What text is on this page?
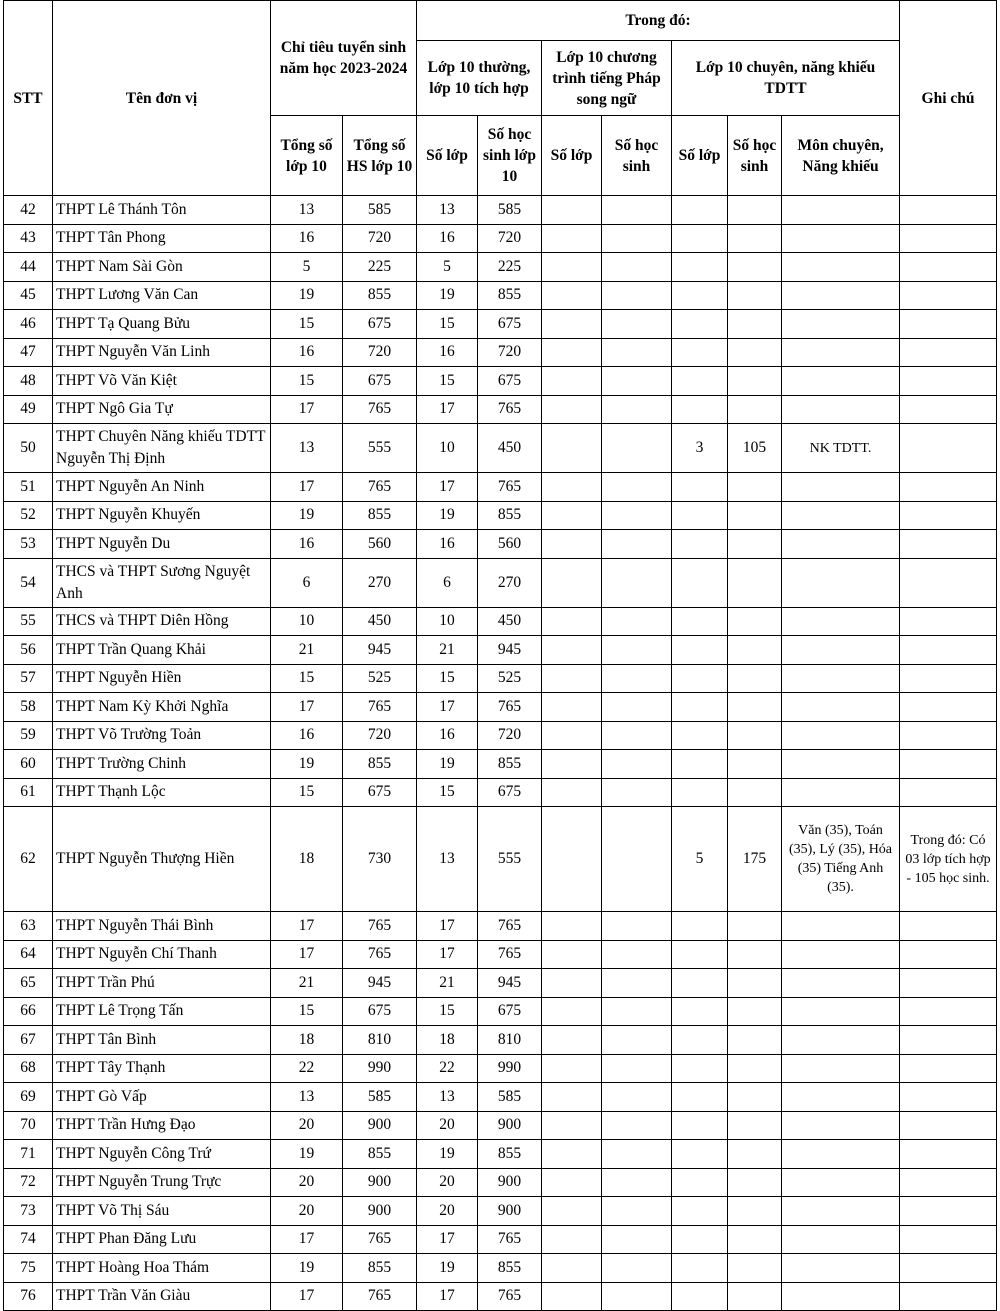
STT	Tên đơn vị	Chỉ tiêu tuyển sinh năm học 2023-2024		Trong đó:							Ghi chú
				Lớp 10 thường, lớp 10 tích hợp		Lớp 10 chương trình tiếng Pháp song ngữ		Lớp 10 chuyên, năng khiếu TDTT			
		Tổng số lớp 10	Tổng số HS lớp 10	Số lớp	Số học sinh lớp 10	Số lớp	Số học sinh	Số lớp	Số học sinh	Môn chuyên, Năng khiếu	
42	THPT Lê Thánh Tôn	13	585	13	585						
43	THPT Tân Phong	16	720	16	720						
44	THPT Nam Sài Gòn	5	225	5	225						
45	THPT Lương Văn Can	19	855	19	855						
46	THPT Tạ Quang Bửu	15	675	15	675						
47	THPT Nguyễn Văn Linh	16	720	16	720						
48	THPT Võ Văn Kiệt	15	675	15	675						
49	THPT Ngô Gia Tự	17	765	17	765						
50	THPT Chuyên Năng khiếu TDTT Nguyễn Thị Định	13	555	10	450			3	105	NK TDTT.	
51	THPT Nguyễn An Ninh	17	765	17	765						
52	THPT Nguyễn Khuyến	19	855	19	855						
53	THPT Nguyễn Du	16	560	16	560						
54	THCS và THPT Sương Nguyệt Anh	6	270	6	270						
55	THCS và THPT Diên Hồng	10	450	10	450						
56	THPT Trần Quang Khải	21	945	21	945						
57	THPT Nguyễn Hiền	15	525	15	525						
58	THPT Nam Kỳ Khởi Nghĩa	17	765	17	765						
59	THPT Võ Trường Toản	16	720	16	720						
60	THPT Trường Chinh	19	855	19	855						
61	THPT Thạnh Lộc	15	675	15	675						
62	THPT Nguyễn Thượng Hiền	18	730	13	555			5	175	Văn (35), Toán (35), Lý (35), Hóa (35) Tiếng Anh (35).	Trong đó: Có 03 lớp tích hợp - 105 học sinh.
63	THPT Nguyễn Thái Bình	17	765	17	765						
64	THPT Nguyễn Chí Thanh	17	765	17	765						
65	THPT Trần Phú	21	945	21	945						
66	THPT Lê Trọng Tấn	15	675	15	675						
67	THPT Tân Bình	18	810	18	810						
68	THPT Tây Thạnh	22	990	22	990						
69	THPT Gò Vấp	13	585	13	585						
70	THPT Trần Hưng Đạo	20	900	20	900						
71	THPT Nguyễn Công Trứ	19	855	19	855						
72	THPT Nguyễn Trung Trực	20	900	20	900						
73	THPT Võ Thị Sáu	20	900	20	900						
74	THPT Phan Đăng Lưu	17	765	17	765						
75	THPT Hoàng Hoa Thám	19	855	19	855						
76	THPT Trần Văn Giàu	17	765	17	765						
